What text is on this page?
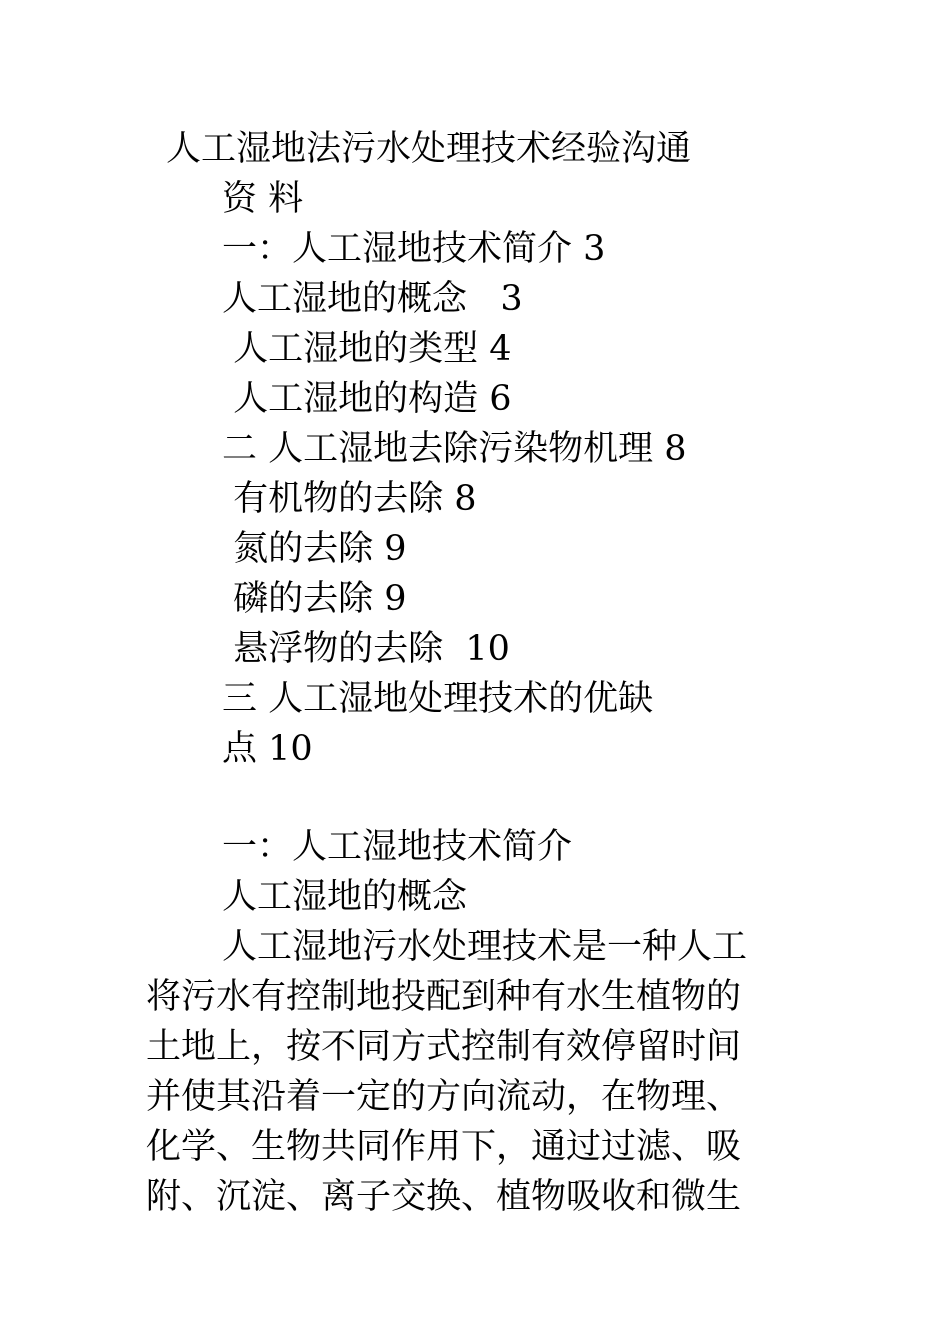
人工湿地法污水处理技术经验沟通
资 料
一：人工湿地技术简介 3
人工湿地的概念   3
人工湿地的类型 4
人工湿地的构造 6
二 人工湿地去除污染物机理 8
有机物的去除 8
氮的去除 9
磷的去除 9
悬浮物的去除  10
三 人工湿地处理技术的优缺
点 10
一：人工湿地技术简介
人工湿地的概念
人工湿地污水处理技术是一种人工
将污水有控制地投配到种有水生植物的
土地上，按不同方式控制有效停留时间
并使其沿着一定的方向流动，在物理、
化学、生物共同作用下，通过过滤、吸
附、沉淀、离子交换、植物吸收和微生
